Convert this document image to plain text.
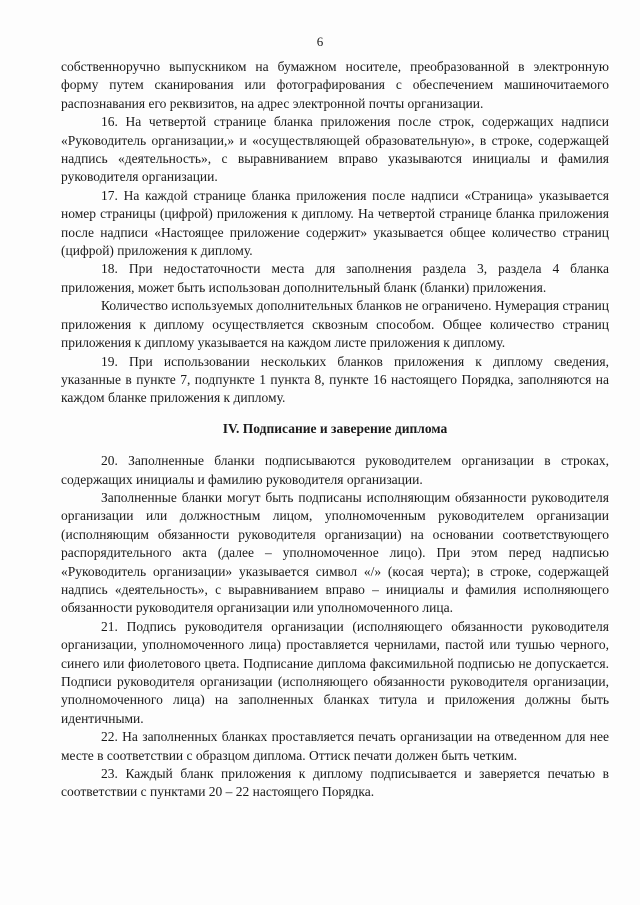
6

собственноручно выпускником на бумажном носителе, преобразованной в электронную форму путем сканирования или фотографирования с обеспечением машиночитаемого распознавания его реквизитов, на адрес электронной почты организации.

16. На четвертой странице бланка приложения после строк, содержащих надписи «Руководитель организации,» и «осуществляющей образовательную», в строке, содержащей надпись «деятельность», с выравниванием вправо указываются инициалы и фамилия руководителя организации.

17. На каждой странице бланка приложения после надписи «Страница» указывается номер страницы (цифрой) приложения к диплому. На четвертой странице бланка приложения после надписи «Настоящее приложение содержит» указывается общее количество страниц (цифрой) приложения к диплому.

18. При недостаточности места для заполнения раздела 3, раздела 4 бланка приложения, может быть использован дополнительный бланк (бланки) приложения.

Количество используемых дополнительных бланков не ограничено. Нумерация страниц приложения к диплому осуществляется сквозным способом. Общее количество страниц приложения к диплому указывается на каждом листе приложения к диплому.

19. При использовании нескольких бланков приложения к диплому сведения, указанные в пункте 7, подпункте 1 пункта 8, пункте 16 настоящего Порядка, заполняются на каждом бланке приложения к диплому.

IV. Подписание и заверение диплома

20. Заполненные бланки подписываются руководителем организации в строках, содержащих инициалы и фамилию руководителя организации.

Заполненные бланки могут быть подписаны исполняющим обязанности руководителя организации или должностным лицом, уполномоченным руководителем организации (исполняющим обязанности руководителя организации) на основании соответствующего распорядительного акта (далее – уполномоченное лицо). При этом перед надписью «Руководитель организации» указывается символ «/» (косая черта); в строке, содержащей надпись «деятельность», с выравниванием вправо – инициалы и фамилия исполняющего обязанности руководителя организации или уполномоченного лица.

21. Подпись руководителя организации (исполняющего обязанности руководителя организации, уполномоченного лица) проставляется чернилами, пастой или тушью черного, синего или фиолетового цвета. Подписание диплома факсимильной подписью не допускается. Подписи руководителя организации (исполняющего обязанности руководителя организации, уполномоченного лица) на заполненных бланках титула и приложения должны быть идентичными.

22. На заполненных бланках проставляется печать организации на отведенном для нее месте в соответствии с образцом диплома. Оттиск печати должен быть четким.

23. Каждый бланк приложения к диплому подписывается и заверяется печатью в соответствии с пунктами 20 – 22 настоящего Порядка.
